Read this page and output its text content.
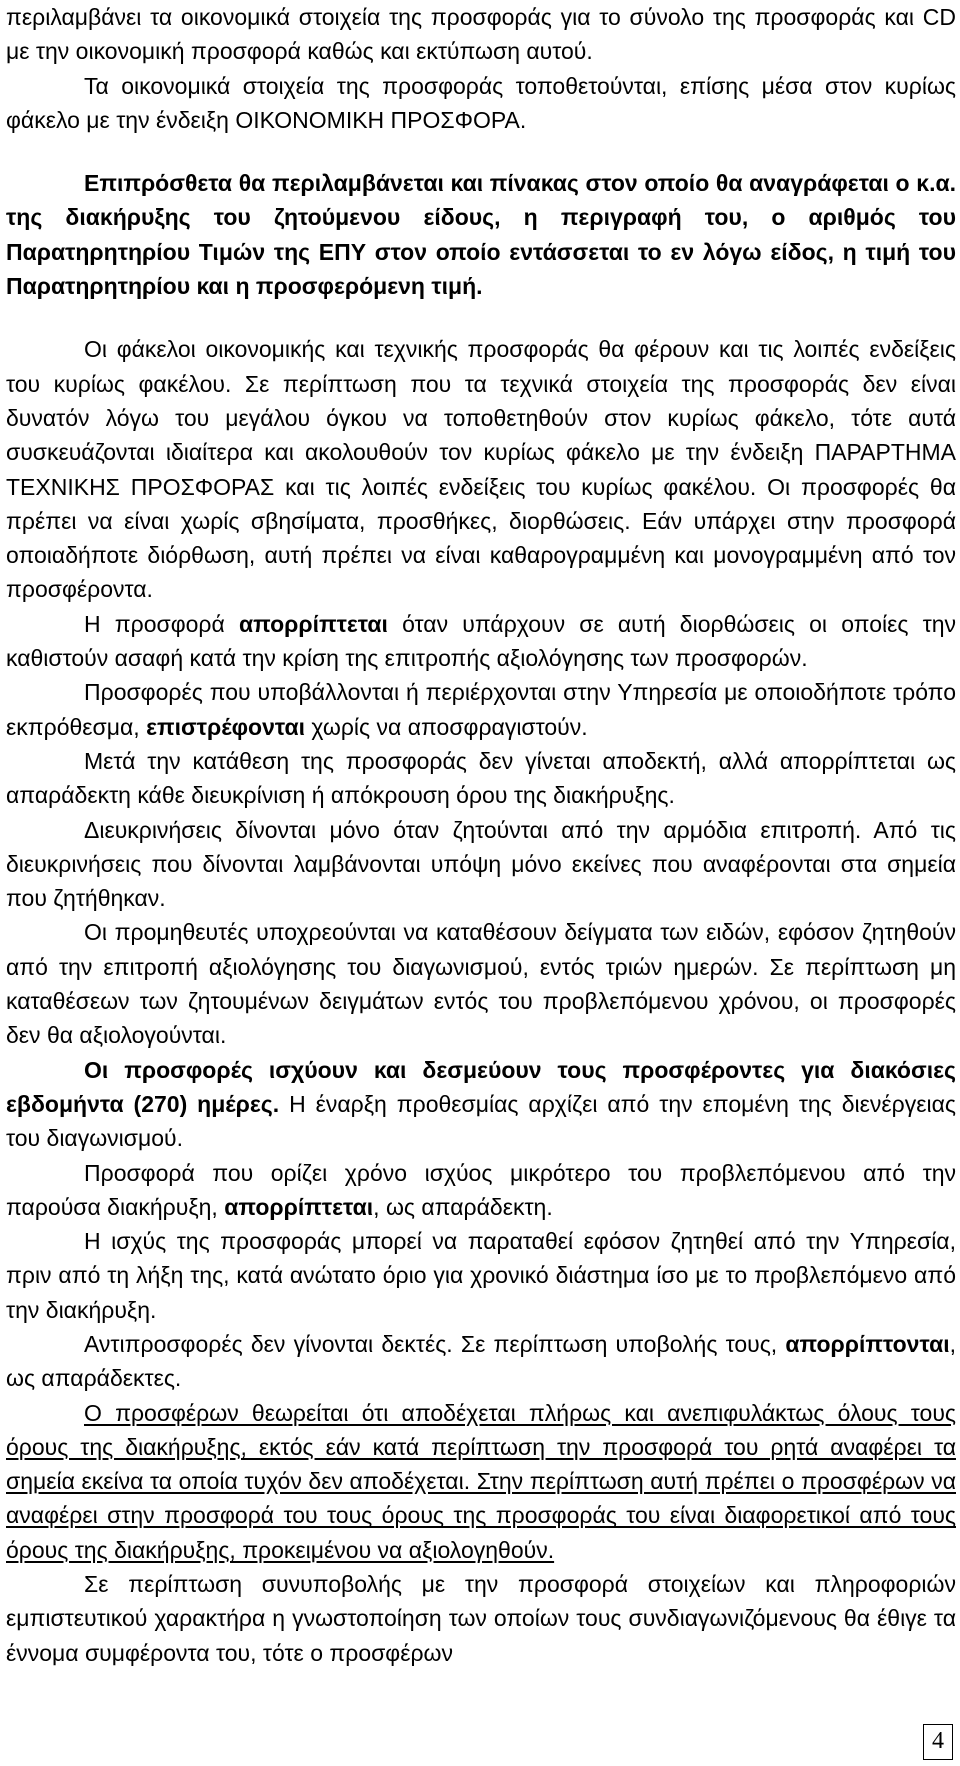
περιλαμβάνει τα οικονομικά στοιχεία της προσφοράς για το σύνολο της προσφοράς και CD με την οικονομική προσφορά καθώς και εκτύπωση αυτού.

Τα οικονομικά στοιχεία της προσφοράς τοποθετούνται, επίσης μέσα στον κυρίως φάκελο με την ένδειξη ΟΙΚΟΝΟΜΙΚΗ ΠΡΟΣΦΟΡΑ.

Επιπρόσθετα θα περιλαμβάνεται και πίνακας στον οποίο θα αναγράφεται ο κ.α. της διακήρυξης του ζητούμενου είδους, η περιγραφή του, ο αριθμός του Παρατηρητηρίου Τιμών της ΕΠΥ στον οποίο εντάσσεται το εν λόγω είδος, η τιμή του Παρατηρητηρίου και η προσφερόμενη τιμή.

Οι φάκελοι οικονομικής και τεχνικής προσφοράς θα φέρουν και τις λοιπές ενδείξεις του κυρίως φακέλου. Σε περίπτωση που τα τεχνικά στοιχεία της προσφοράς δεν είναι δυνατόν λόγω του μεγάλου όγκου να τοποθετηθούν στον κυρίως φάκελο, τότε αυτά συσκευάζονται ιδιαίτερα και ακολουθούν τον κυρίως φάκελο με την ένδειξη ΠΑΡΑΡΤΗΜΑ ΤΕΧΝΙΚΗΣ ΠΡΟΣΦΟΡΑΣ και τις λοιπές ενδείξεις του κυρίως φακέλου. Οι προσφορές θα πρέπει να είναι χωρίς σβησίματα, προσθήκες, διορθώσεις. Εάν υπάρχει στην προσφορά οποιαδήποτε διόρθωση, αυτή πρέπει να είναι καθαρογραμμένη και μονογραμμένη από τον προσφέροντα.

Η προσφορά απορρίπτεται όταν υπάρχουν σε αυτή διορθώσεις οι οποίες την καθιστούν ασαφή κατά την κρίση της επιτροπής αξιολόγησης των προσφορών.

Προσφορές που υποβάλλονται ή περιέρχονται στην Υπηρεσία με οποιοδήποτε τρόπο εκπρόθεσμα, επιστρέφονται χωρίς να αποσφραγιστούν.

Μετά την κατάθεση της προσφοράς δεν γίνεται αποδεκτή, αλλά απορρίπτεται ως απαράδεκτη κάθε διευκρίνιση ή απόκρουση όρου της διακήρυξης.

Διευκρινήσεις δίνονται μόνο όταν ζητούνται από την αρμόδια επιτροπή. Από τις διευκρινήσεις που δίνονται λαμβάνονται υπόψη μόνο εκείνες που αναφέρονται στα σημεία που ζητήθηκαν.

Οι προμηθευτές υποχρεούνται να καταθέσουν δείγματα των ειδών, εφόσον ζητηθούν από την επιτροπή αξιολόγησης του διαγωνισμού, εντός τριών ημερών. Σε περίπτωση μη καταθέσεων των ζητουμένων δειγμάτων εντός του προβλεπόμενου χρόνου, οι προσφορές δεν θα αξιολογούνται.

Οι προσφορές ισχύουν και δεσμεύουν τους προσφέροντες για διακόσιες εβδομήντα (270) ημέρες. Η έναρξη προθεσμίας αρχίζει από την επομένη της διενέργειας του διαγωνισμού.

Προσφορά που ορίζει χρόνο ισχύος μικρότερο του προβλεπόμενου από την παρούσα διακήρυξη, απορρίπτεται, ως απαράδεκτη.

Η ισχύς της προσφοράς μπορεί να παραταθεί εφόσον ζητηθεί από την Υπηρεσία, πριν από τη λήξη της, κατά ανώτατο όριο για χρονικό διάστημα ίσο με το προβλεπόμενο από την διακήρυξη.

Αντιπροσφορές δεν γίνονται δεκτές. Σε περίπτωση υποβολής τους, απορρίπτονται, ως απαράδεκτες.

Ο προσφέρων θεωρείται ότι αποδέχεται πλήρως και ανεπιφυλάκτως όλους τους όρους της διακήρυξης, εκτός εάν κατά περίπτωση την προσφορά του ρητά αναφέρει τα σημεία εκείνα τα οποία τυχόν δεν αποδέχεται. Στην περίπτωση αυτή πρέπει ο προσφέρων να αναφέρει στην προσφορά του τους όρους της προσφοράς του είναι διαφορετικοί από τους όρους της διακήρυξης, προκειμένου να αξιολογηθούν.

Σε περίπτωση συνυποβολής με την προσφορά στοιχείων και πληροφοριών εμπιστευτικού χαρακτήρα η γνωστοποίηση των οποίων τους συνδιαγωνιζόμενους θα έθιγε τα έννομα συμφέροντα του, τότε ο προσφέρων

4
